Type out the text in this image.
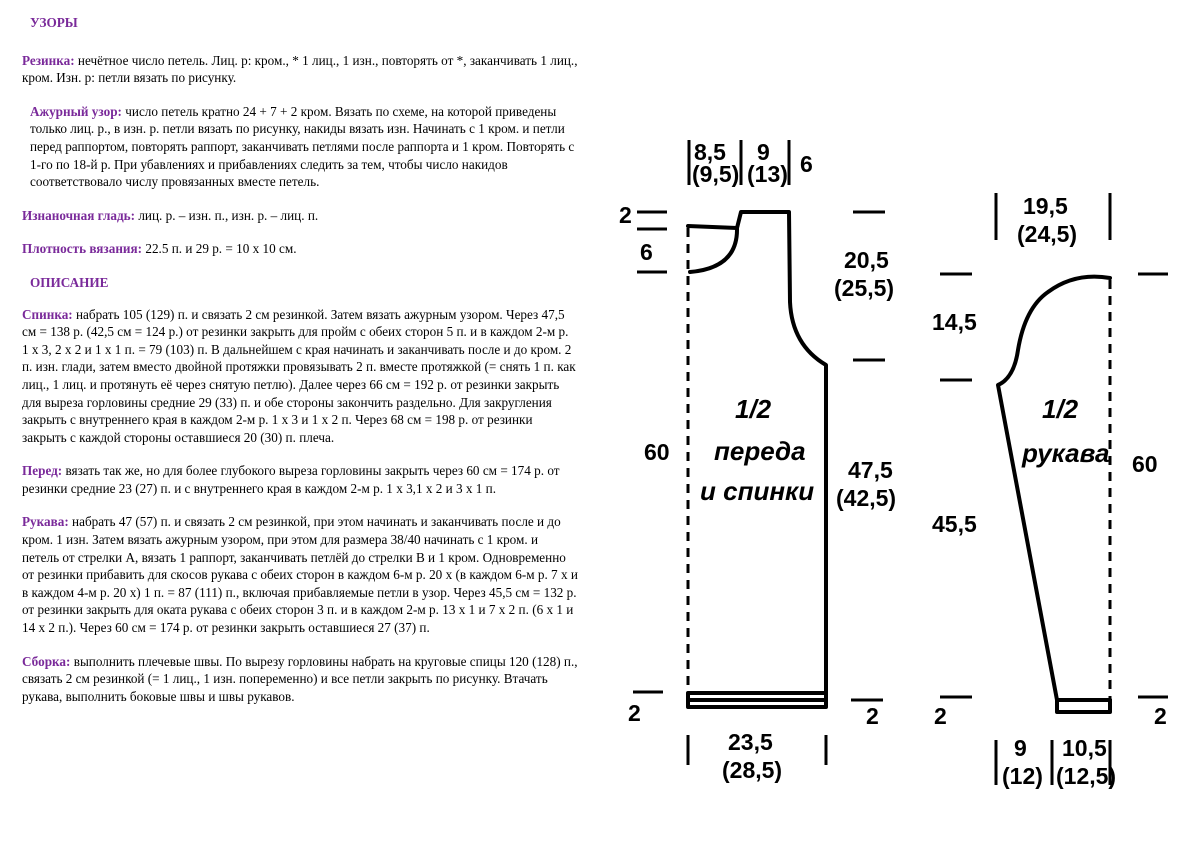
УЗОРЫ

Резинка: нечётное число петель. Лиц. р: кром., * 1 лиц., 1 изн., повторять от *, заканчивать 1 лиц., кром. Изн. р: петли вязать по рисунку.

Ажурный узор: число петель кратно 24 + 7 + 2 кром. Вязать по схеме, на которой приведены только лиц. р., в изн. р. петли вязать по рисунку, накиды вязать изн. Начинать с 1 кром. и петли перед раппортом, повторять раппорт, заканчивать петлями после раппорта и 1 кром. Повторять с 1-го по 18-й р. При убавлениях и прибавлениях следить за тем, чтобы число накидов соответствовало числу провязанных вместе петель.

Изнаночная гладь: лиц. р. – изн. п., изн. р. – лиц. п.

Плотность вязания: 22.5 п. и 29 р. = 10 х 10 см.

ОПИСАНИЕ

Спинка: набрать 105 (129) п. и связать 2 см резинкой. Затем вязать ажурным узором. Через 47,5 см = 138 р. (42,5 см = 124 р.) от резинки закрыть для пройм с обеих сторон 5 п. и в каждом 2-м р. 1 х 3, 2 х 2 и 1 х 1 п. = 79 (103) п. В дальнейшем с края начинать и заканчивать после и до кром. 2 п. изн. глади, затем вместо двойной протяжки провязывать 2 п. вместе протяжкой (= снять 1 п. как лиц., 1 лиц. и протянуть её через снятую петлю). Далее через 66 см = 192 р. от резинки закрыть для выреза горловины средние 29 (33) п. и обе стороны закончить раздельно. Для закругления закрыть с внутреннего края в каждом 2-м р. 1 х 3 и 1 х 2 п. Через 68 см = 198 р. от резинки закрыть с каждой стороны оставшиеся 20 (30) п. плеча.

Перед: вязать так же, но для более глубокого выреза горловины закрыть через 60 см = 174 р. от резинки средние 23 (27) п. и с внутреннего края в каждом 2-м р. 1 х 3,1 х 2 и 3 х 1 п.

Рукава: набрать 47 (57) п. и связать 2 см резинкой, при этом начинать и заканчивать после и до кром. 1 изн. Затем вязать ажурным узором, при этом для размера 38/40 начинать с 1 кром. и петель от стрелки А, вязать 1 раппорт, заканчивать петлёй до стрелки В и 1 кром. Одновременно от резинки прибавить для скосов рукава с обеих сторон в каждом 6-м р. 20 х (в каждом 6-м р. 7 х и в каждом 4-м р. 20 х) 1 п. = 87 (111) п., включая прибавляемые петли в узор. Через 45,5 см = 132 р. от резинки закрыть для оката рукава с обеих сторон 3 п. и в каждом 2-м р. 13 х 1 и 7 х 2 п. (6 х 1 и 14 х 2 п.). Через 60 см = 174 р. от резинки закрыть оставшиеся 27 (37) п.

Сборка: выполнить плечевые швы. По вырезу горловины набрать на круговые спицы 120 (128) п., связать 2 см резинкой (= 1 лиц., 1 изн. попеременно) и все петли закрыть по рисунку. Втачать рукава, выполнить боковые швы и швы рукавов.

8,5
(9,5)
9
(13) 6
2
6	20,5
(25,5)
1/2
переда
и спинки
60
47,5
(42,5)
2	2
23,5
(28,5)
19,5
(24,5)
14,5
1/2
рукава 60
45,5
2	2
9
(12)
10,5
(12,5)
